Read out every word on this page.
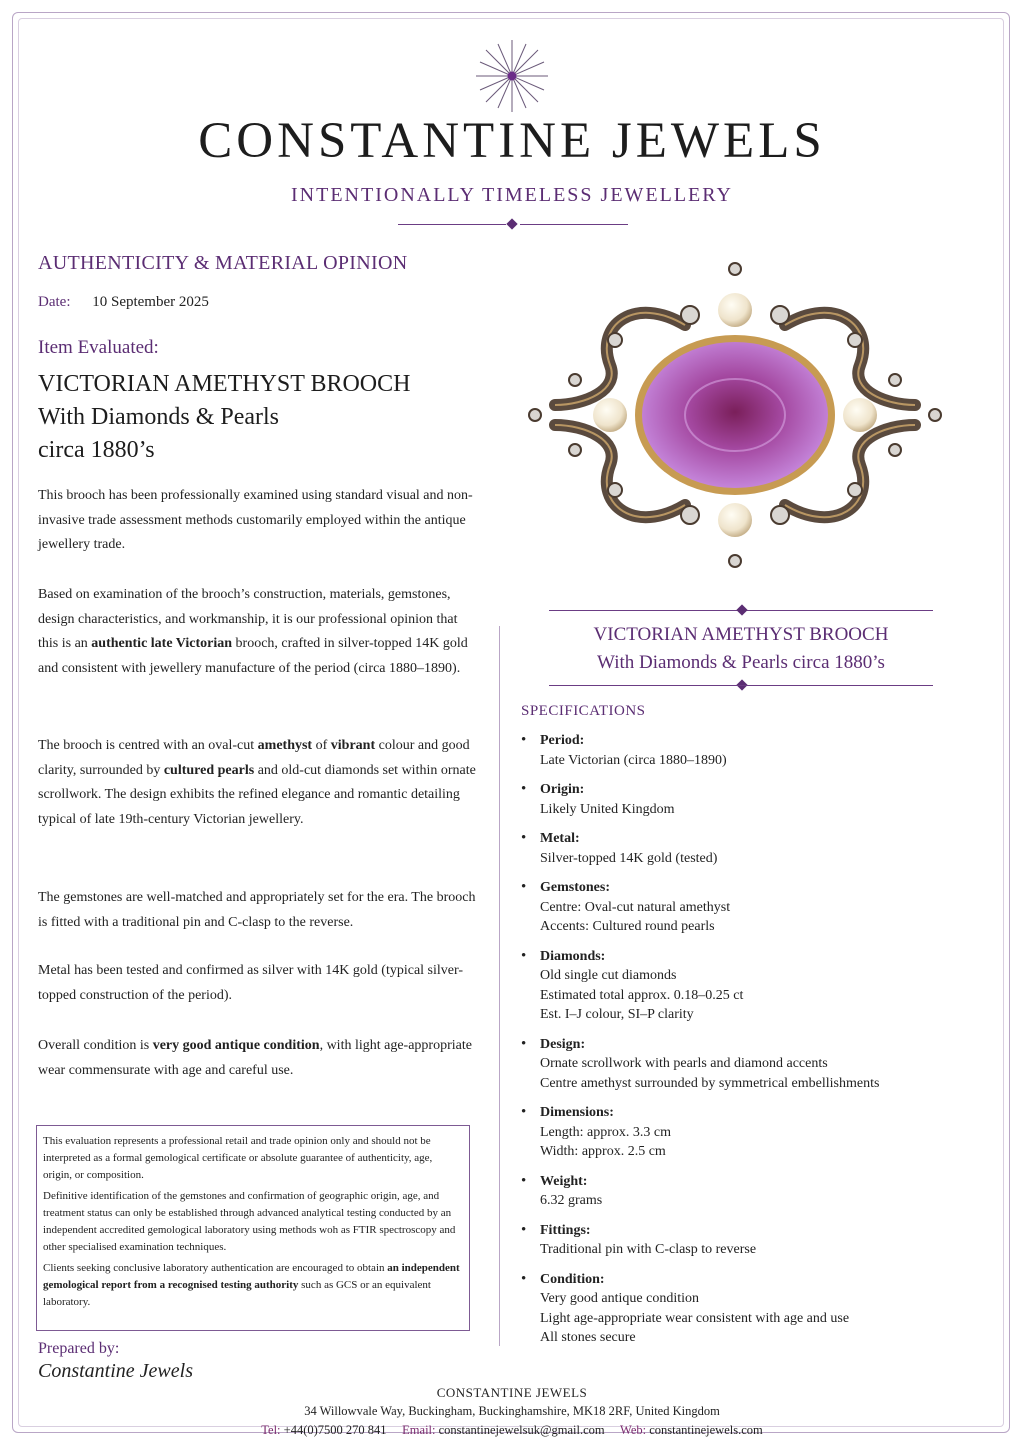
CONSTANTINE JEWELS
INTENTIONALLY TIMELESS JEWELLERY
AUTHENTICITY & MATERIAL OPINION
Date: 10 September 2025
Item Evaluated:
VICTORIAN AMETHYST BROOCH
With Diamonds & Pearls
circa 1880’s
This brooch has been professionally examined using standard visual and non-invasive trade assessment methods customarily employed within the antique jewellery trade.
Based on examination of the brooch’s construction, materials, gemstones, design characteristics, and workmanship, it is our professional opinion that this is an authentic late Victorian brooch, crafted in silver-topped 14K gold and consistent with jewellery manufacture of the period (circa 1880–1890).
The brooch is centred with an oval-cut amethyst of vibrant colour and good clarity, surrounded by cultured pearls and old-cut diamonds set within ornate scrollwork. The design exhibits the refined elegance and romantic detailing typical of late 19th-century Victorian jewellery.
The gemstones are well-matched and appropriately set for the era. The brooch is fitted with a traditional pin and C-clasp to the reverse.
Metal has been tested and confirmed as silver with 14K gold (typical silver-topped construction of the period).
Overall condition is very good antique condition, with light age-appropriate wear commensurate with age and careful use.

This evaluation represents a professional retail and trade opinion only and should not be interpreted as a formal gemological certificate or absolute guarantee of authenticity, age, origin, or composition.

Definitive identification of the gemstones and confirmation of geographic origin, age, and treatment status can only be established through advanced analytical testing conducted by an independent accredited gemological laboratory using methods woh as FTIR spectroscopy and other specialised examination techniques.

Clients seeking conclusive laboratory authentication are encouraged to obtain an independent gemological report from a recognised testing authority such as GCS or an equivalent laboratory.

Prepared by:
Constantine Jewels
VICTORIAN AMETHYST BROOCH
With Diamonds & Pearls circa 1880’s
SPECIFICATIONS
• Period:
Late Victorian (circa 1880–1890)
• Origin:
Likely United Kingdom
• Metal:
Silver-topped 14K gold (tested)
• Gemstones:
Centre: Oval-cut natural amethyst
Accents: Cultured round pearls
• Diamonds:
Old single cut diamonds
Estimated total approx. 0.18–0.25 ct
Est. I–J colour, SI–P clarity
• Design:
Ornate scrollwork with pearls and diamond accents
Centre amethyst surrounded by symmetrical embellishments
• Dimensions:
Length: approx. 3.3 cm
Width: approx. 2.5 cm
• Weight:
6.32 grams
• Fittings:
Traditional pin with C-clasp to reverse
• Condition:
Very good antique condition
Light age-appropriate wear consistent with age and use
All stones secure
CONSTANTINE JEWELS
34 Willowvale Way, Buckingham, Buckinghamshire, MK18 2RF, United Kingdom
Tel: +44(0)7500 270 841 Email: constantinejewelsuk@gmail.com Web: constantinejewels.com
